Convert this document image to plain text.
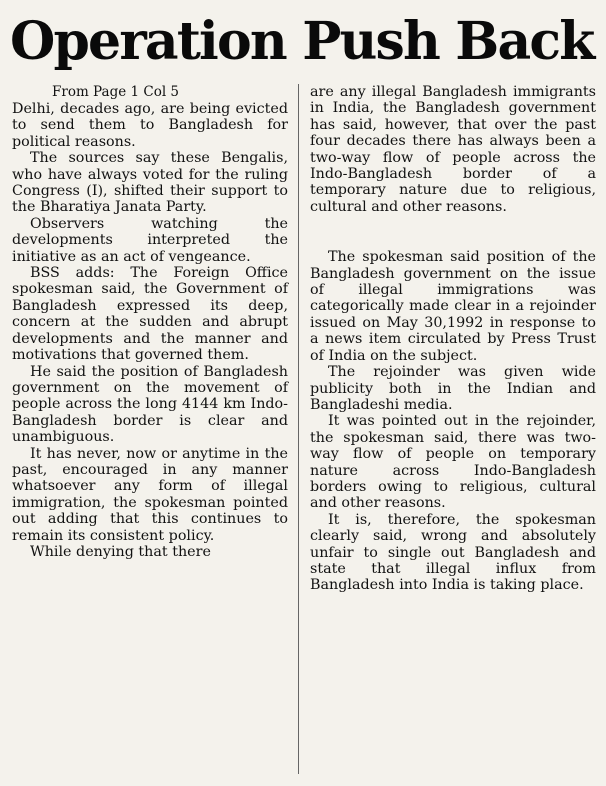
Operation Push Back

From Page 1 Col 5

Delhi, decades ago, are being evicted to send them to Bangladesh for political reasons.

The sources say these Bengalis, who have always voted for the ruling Congress (I), shifted their support to the Bharatiya Janata Party.

Observers watching the developments interpreted the initiative as an act of vengeance.

BSS adds: The Foreign Office spokesman said, the Government of Bangladesh expressed its deep, concern at the sudden and abrupt developments and the manner and motivations that governed them.

He said the position of Bangladesh government on the movement of people across the long 4144 km Indo-Bangladesh border is clear and unambiguous.

It has never, now or anytime in the past, encouraged in any manner whatsoever any form of illegal immigration, the spokesman pointed out adding that this continues to remain its consistent policy.

While denying that there

are any illegal Bangladesh immigrants in India, the Bangladesh government has said, however, that over the past four decades there has always been a two-way flow of people across the Indo-Bangladesh border of a temporary nature due to religious, cultural and other reasons.

The spokesman said position of the Bangladesh government on the issue of illegal immigrations was categorically made clear in a rejoinder issued on May 30,1992 in response to a news item circulated by Press Trust of India on the subject.

The rejoinder was given wide publicity both in the Indian and Bangladeshi media.

It was pointed out in the rejoinder, the spokesman said, there was two-way flow of people on temporary nature across Indo-Bangladesh borders owing to religious, cultural and other reasons.

It is, therefore, the spokesman clearly said, wrong and absolutely unfair to single out Bangladesh and state that illegal influx from Bangladesh into India is taking place.
